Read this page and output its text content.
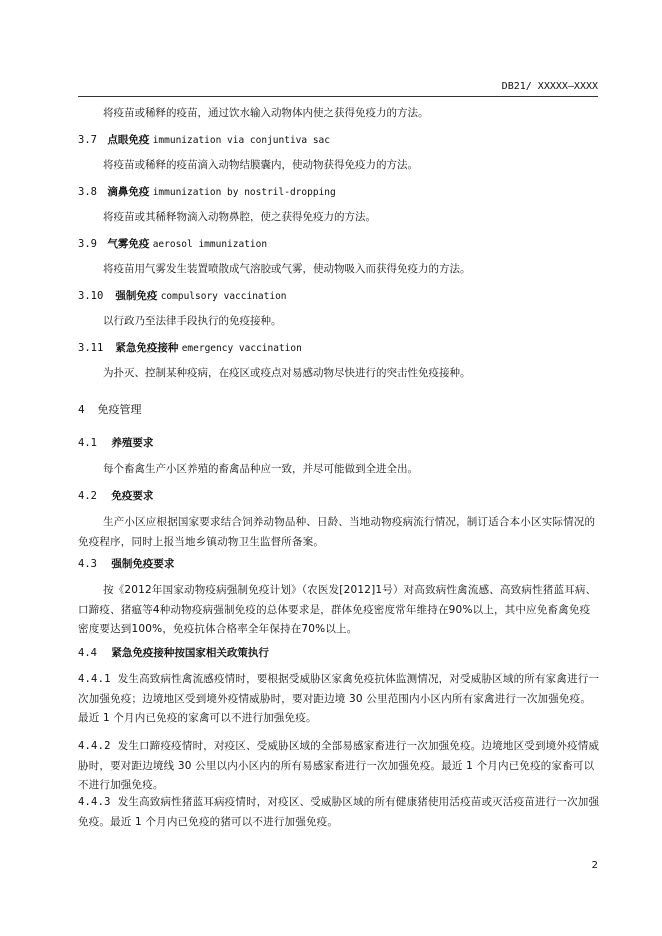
DB21/ XXXXX—XXXX
将疫苗或稀释的疫苗，通过饮水输入动物体内使之获得免疫力的方法。
3.7 点眼免疫 immunization via conjuntiva sac
将疫苗或稀释的疫苗滴入动物结膜囊内，使动物获得免疫力的方法。
3.8 滴鼻免疫 immunization by nostril-dropping
将疫苗或其稀释物滴入动物鼻腔，使之获得免疫力的方法。
3.9 气雾免疫 aerosol immunization
将疫苗用气雾发生装置喷散成气溶胶或气雾，使动物吸入而获得免疫力的方法。
3.10 强制免疫 compulsory vaccination
以行政乃至法律手段执行的免疫接种。
3.11 紧急免疫接种 emergency vaccination
为扑灭、控制某种疫病，在疫区或疫点对易感动物尽快进行的突击性免疫接种。
4 免疫管理
4.1 养殖要求
每个畜禽生产小区养殖的畜禽品种应一致，并尽可能做到全进全出。
4.2 免疫要求
生产小区应根据国家要求结合饲养动物品种、日龄、当地动物疫病流行情况，制订适合本小区实际情况的免疫程序，同时上报当地乡镇动物卫生监督所备案。
4.3 强制免疫要求
按《2012年国家动物疫病强制免疫计划》（农医发[2012]1号）对高致病性禽流感、高致病性猪蓝耳病、口蹄疫、猪瘟等4种动物疫病强制免疫的总体要求是，群体免疫密度常年维持在90%以上，其中应免畜禽免疫密度要达到100%，免疫抗体合格率全年保持在70%以上。
4.4 紧急免疫接种按国家相关政策执行
4.4.1 发生高致病性禽流感疫情时，要根据受威胁区家禽免疫抗体监测情况，对受威胁区域的所有家禽进行一次加强免疫；边境地区受到境外疫情威胁时，要对距边境 30 公里范围内小区内所有家禽进行一次加强免疫。最近 1 个月内已免疫的家禽可以不进行加强免疫。
4.4.2 发生口蹄疫疫情时，对疫区、受威胁区域的全部易感家畜进行一次加强免疫。边境地区受到境外疫情威胁时，要对距边境线 30 公里以内小区内的所有易感家畜进行一次加强免疫。最近 1 个月内已免疫的家畜可以不进行加强免疫。
4.4.3 发生高致病性猪蓝耳病疫情时，对疫区、受威胁区域的所有健康猪使用活疫苗或灭活疫苗进行一次加强免疫。最近 1 个月内已免疫的猪可以不进行加强免疫。
2
